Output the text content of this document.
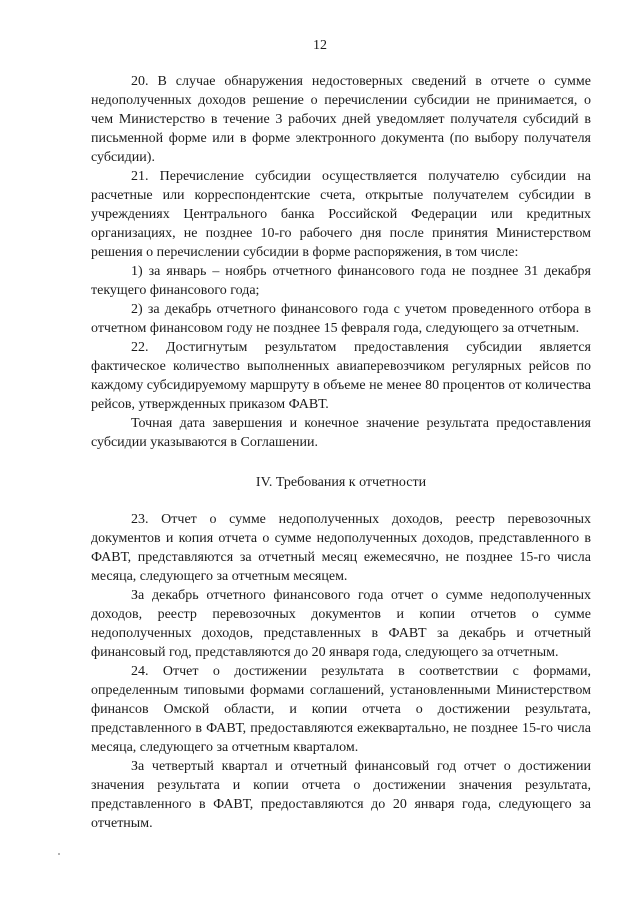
12

20. В случае обнаружения недостоверных сведений в отчете о сумме недополученных доходов решение о перечислении субсидии не принимается, о чем Министерство в течение 3 рабочих дней уведомляет получателя субсидий в письменной форме или в форме электронного документа (по выбору получателя субсидии).

21. Перечисление субсидии осуществляется получателю субсидии на расчетные или корреспондентские счета, открытые получателем субсидии в учреждениях Центрального банка Российской Федерации или кредитных организациях, не позднее 10-го рабочего дня после принятия Министерством решения о перечислении субсидии в форме распоряжения, в том числе:

1) за январь – ноябрь отчетного финансового года не позднее 31 декабря текущего финансового года;

2) за декабрь отчетного финансового года с учетом проведенного отбора в отчетном финансовом году не позднее 15 февраля года, следующего за отчетным.

22. Достигнутым результатом предоставления субсидии является фактическое количество выполненных авиаперевозчиком регулярных рейсов по каждому субсидируемому маршруту в объеме не менее 80 процентов от количества рейсов, утвержденных приказом ФАВТ.

Точная дата завершения и конечное значение результата предоставления субсидии указываются в Соглашении.

IV. Требования к отчетности

23. Отчет о сумме недополученных доходов, реестр перевозочных документов и копия отчета о сумме недополученных доходов, представленного в ФАВТ, представляются за отчетный месяц ежемесячно, не позднее 15-го числа месяца, следующего за отчетным месяцем.

За декабрь отчетного финансового года отчет о сумме недополученных доходов, реестр перевозочных документов и копии отчетов о сумме недополученных доходов, представленных в ФАВТ за декабрь и отчетный финансовый год, представляются до 20 января года, следующего за отчетным.

24. Отчет о достижении результата в соответствии с формами, определенным типовыми формами соглашений, установленными Министерством финансов Омской области, и копии отчета о достижении результата, представленного в ФАВТ, предоставляются ежеквартально, не позднее 15-го числа месяца, следующего за отчетным кварталом.

За четвертый квартал и отчетный финансовый год отчет о достижении значения результата и копии отчета о достижении значения результата, представленного в ФАВТ, предоставляются до 20 января года, следующего за отчетным.
